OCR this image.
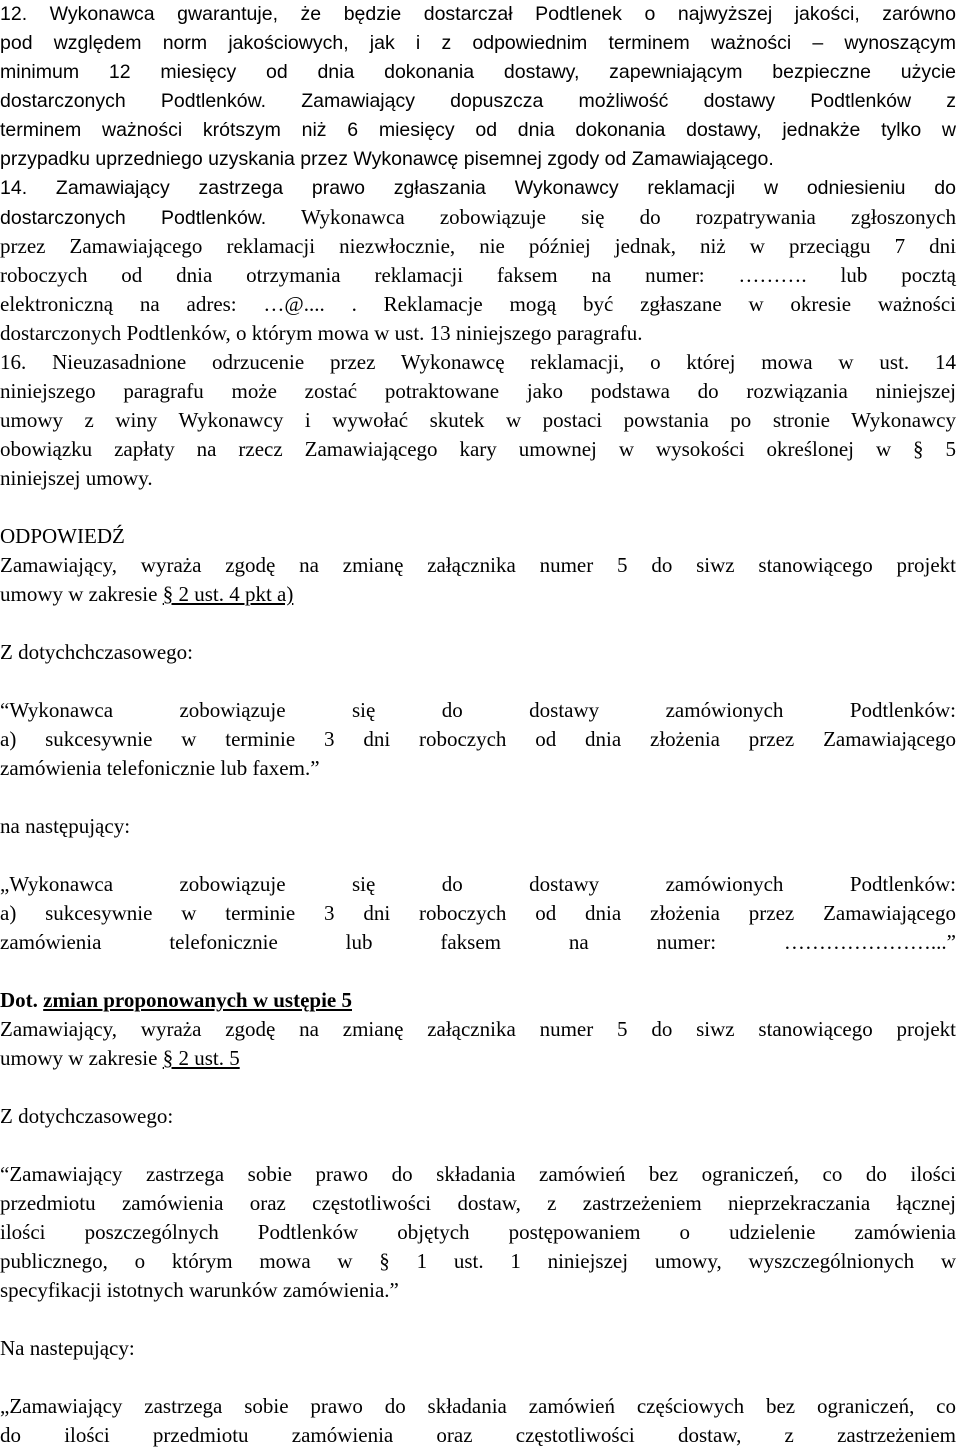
12. Wykonawca gwarantuje, że będzie dostarczał Podtlenek o najwyższej jakości, zarówno
pod względem norm jakościowych, jak i z odpowiednim terminem ważności – wynoszącym
minimum 12 miesięcy od dnia dokonania dostawy, zapewniającym bezpieczne użycie
dostarczonych Podtlenków. Zamawiający dopuszcza możliwość dostawy Podtlenków z
terminem ważności krótszym niż 6 miesięcy od dnia dokonania dostawy, jednakże tylko w
przypadku uprzedniego uzyskania przez Wykonawcę pisemnej zgody od Zamawiającego.
14. Zamawiający zastrzega prawo zgłaszania Wykonawcy reklamacji w odniesieniu do
dostarczonych Podtlenków. Wykonawca zobowiązuje się do rozpatrywania zgłoszonych
przez Zamawiającego reklamacji niezwłocznie, nie później jednak, niż w przeciągu 7 dni
roboczych od dnia otrzymania reklamacji faksem na numer: ………. lub pocztą
elektroniczną na adres: …@.... . Reklamacje mogą być zgłaszane w okresie ważności
dostarczonych Podtlenków, o którym mowa w ust. 13 niniejszego paragrafu.
16. Nieuzasadnione odrzucenie przez Wykonawcę reklamacji, o której mowa w ust. 14
niniejszego paragrafu może zostać potraktowane jako podstawa do rozwiązania niniejszej
umowy z winy Wykonawcy i wywołać skutek w postaci powstania po stronie Wykonawcy
obowiązku zapłaty na rzecz Zamawiającego kary umownej w wysokości określonej w § 5
niniejszej umowy.
ODPOWIEDŹ
Zamawiający, wyraża zgodę na zmianę załącznika numer 5 do siwz stanowiącego projekt
umowy w zakresie § 2 ust. 4 pkt a)
Z dotychchczasowego:
“Wykonawca zobowiązuje się do dostawy zamówionych Podtlenków:
a) sukcesywnie w terminie 3 dni roboczych od dnia złożenia przez Zamawiającego
zamówienia telefonicznie lub faxem.”
na następujący:
„Wykonawca zobowiązuje się do dostawy zamówionych Podtlenków:
a) sukcesywnie w terminie 3 dni roboczych od dnia złożenia przez Zamawiającego
zamówienia telefonicznie lub faksem na numer: …………………...”
Dot. zmian proponowanych w ustępie 5
Zamawiający, wyraża zgodę na zmianę załącznika numer 5 do siwz stanowiącego projekt
umowy w zakresie § 2 ust. 5
Z dotychczasowego:
“Zamawiający zastrzega sobie prawo do składania zamówień bez ograniczeń, co do ilości
przedmiotu zamówienia oraz częstotliwości dostaw, z zastrzeżeniem nieprzekraczania łącznej
ilości poszczególnych Podtlenków objętych postępowaniem o udzielenie zamówienia
publicznego, o którym mowa w § 1 ust. 1 niniejszej umowy, wyszczególnionych w
specyfikacji istotnych warunków zamówienia.”
Na nastepujący:
„Zamawiający zastrzega sobie prawo do składania zamówień częściowych bez ograniczeń, co
do ilości przedmiotu zamówienia oraz częstotliwości dostaw, z zastrzeżeniem
